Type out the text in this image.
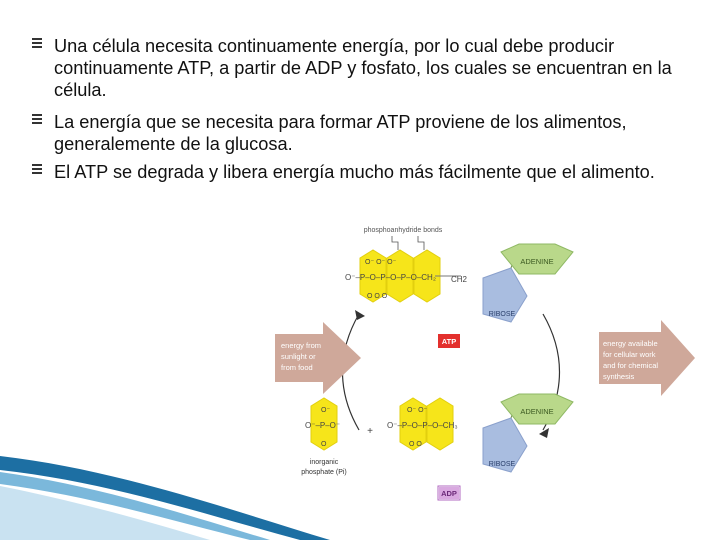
Una célula necesita continuamente energía, por lo cual debe producir continuamente ATP, a partir de ADP y fosfato, los cuales se encuentran en la célula.
La energía que se necesita para formar ATP proviene de los alimentos, generalemente de la glucosa.
El ATP se degrada y libera energía mucho más fácilmente que el alimento.
phosphoanhydride bonds
O⁻–P–O–P–O–P–O–CH₂
O⁻ O⁻ O⁻
O O O
CH2
RIBOSE
ADENINE
ATP
energy from
sunlight or
from food
energy available
for cellular work
and for chemical
synthesis
O⁻–P–O⁻
O⁻
O
inorganic
phosphate (Pi)
+
O⁻–P–O–P–O–CH₃
O⁻ O⁻
O O
RIBOSE
ADENINE
ADP
